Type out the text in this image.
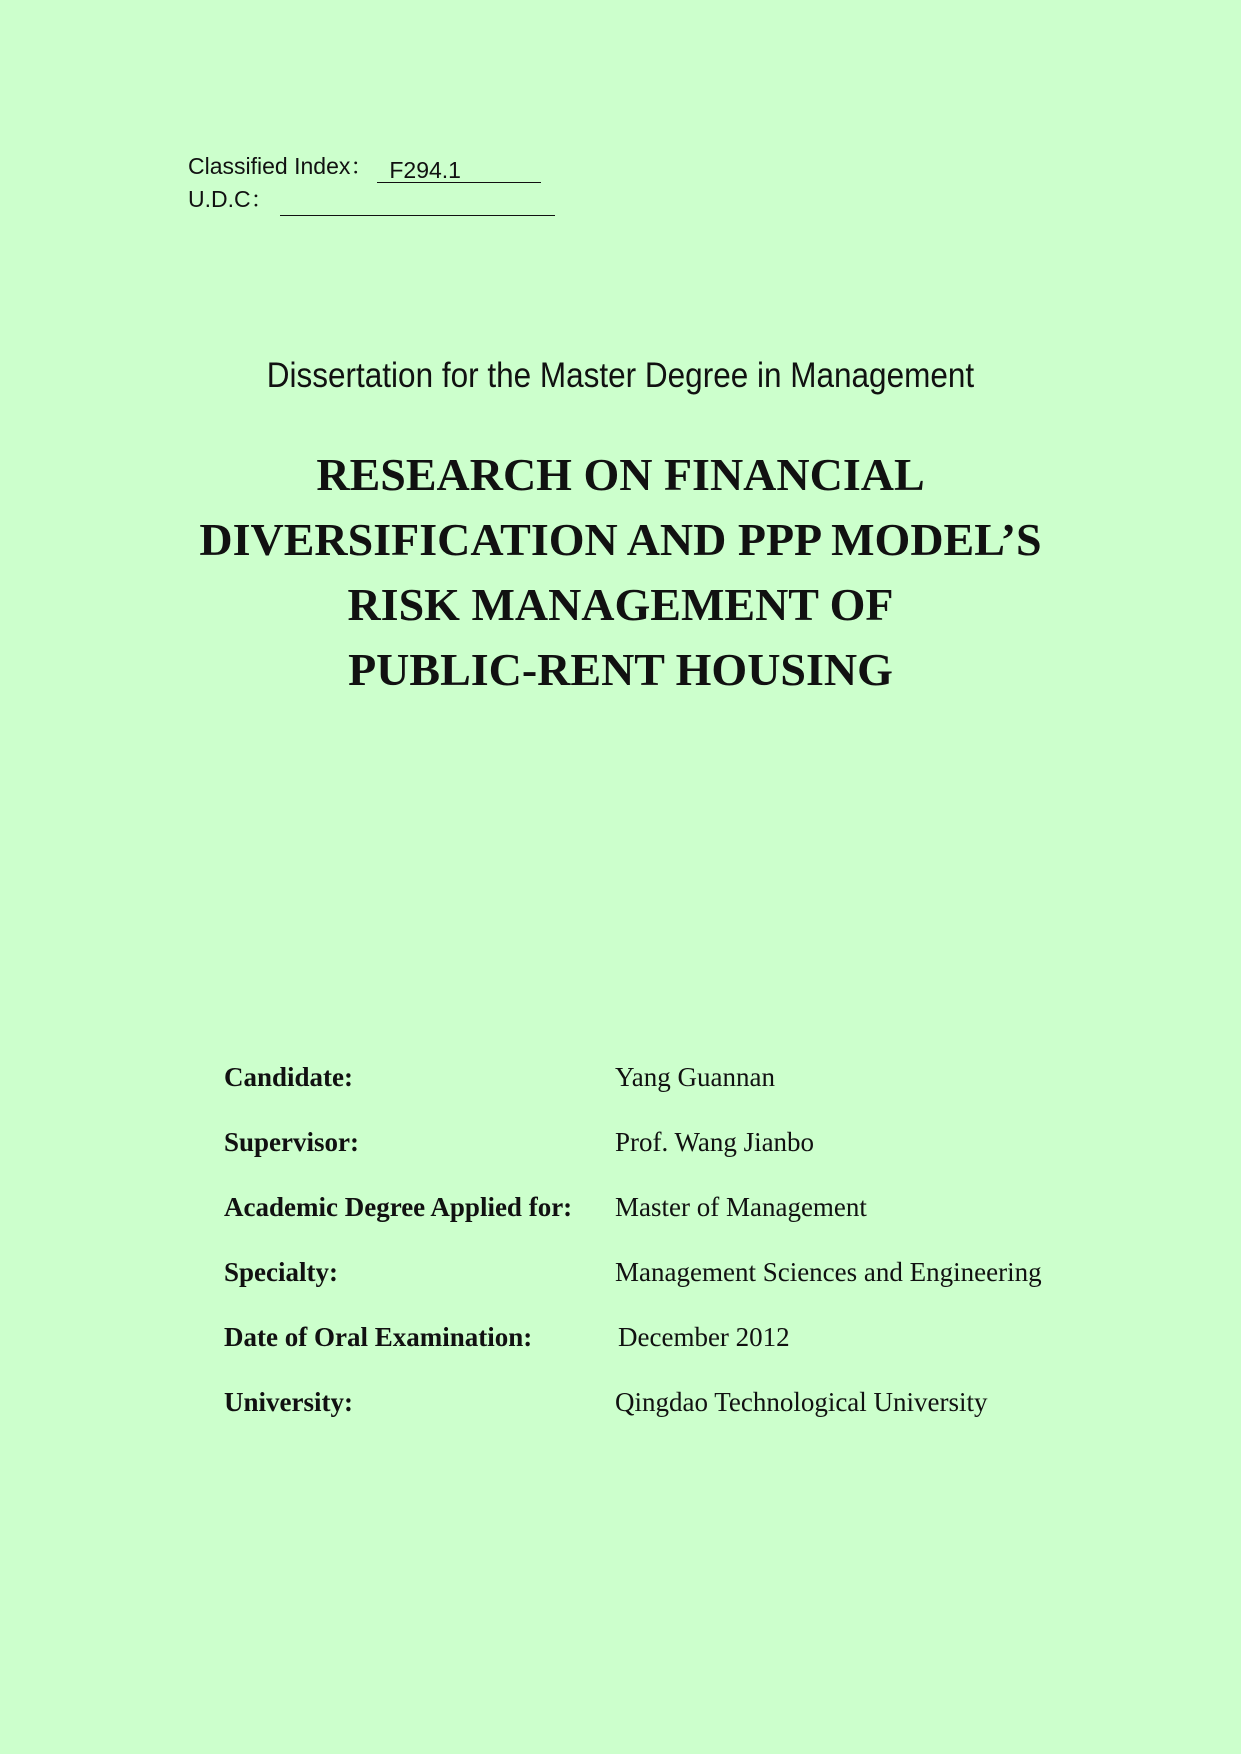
Classified Index： F294.1
U.D.C：
Dissertation for the Master Degree in Management
RESEARCH ON FINANCIAL
DIVERSIFICATION AND PPP MODEL’S
RISK MANAGEMENT OF
PUBLIC-RENT HOUSING
Candidate:	Yang Guannan
Supervisor:	Prof. Wang Jianbo
Academic Degree Applied for:	Master of Management
Specialty:	Management Sciences and Engineering
Date of Oral Examination:	December 2012
University:	Qingdao Technological University
